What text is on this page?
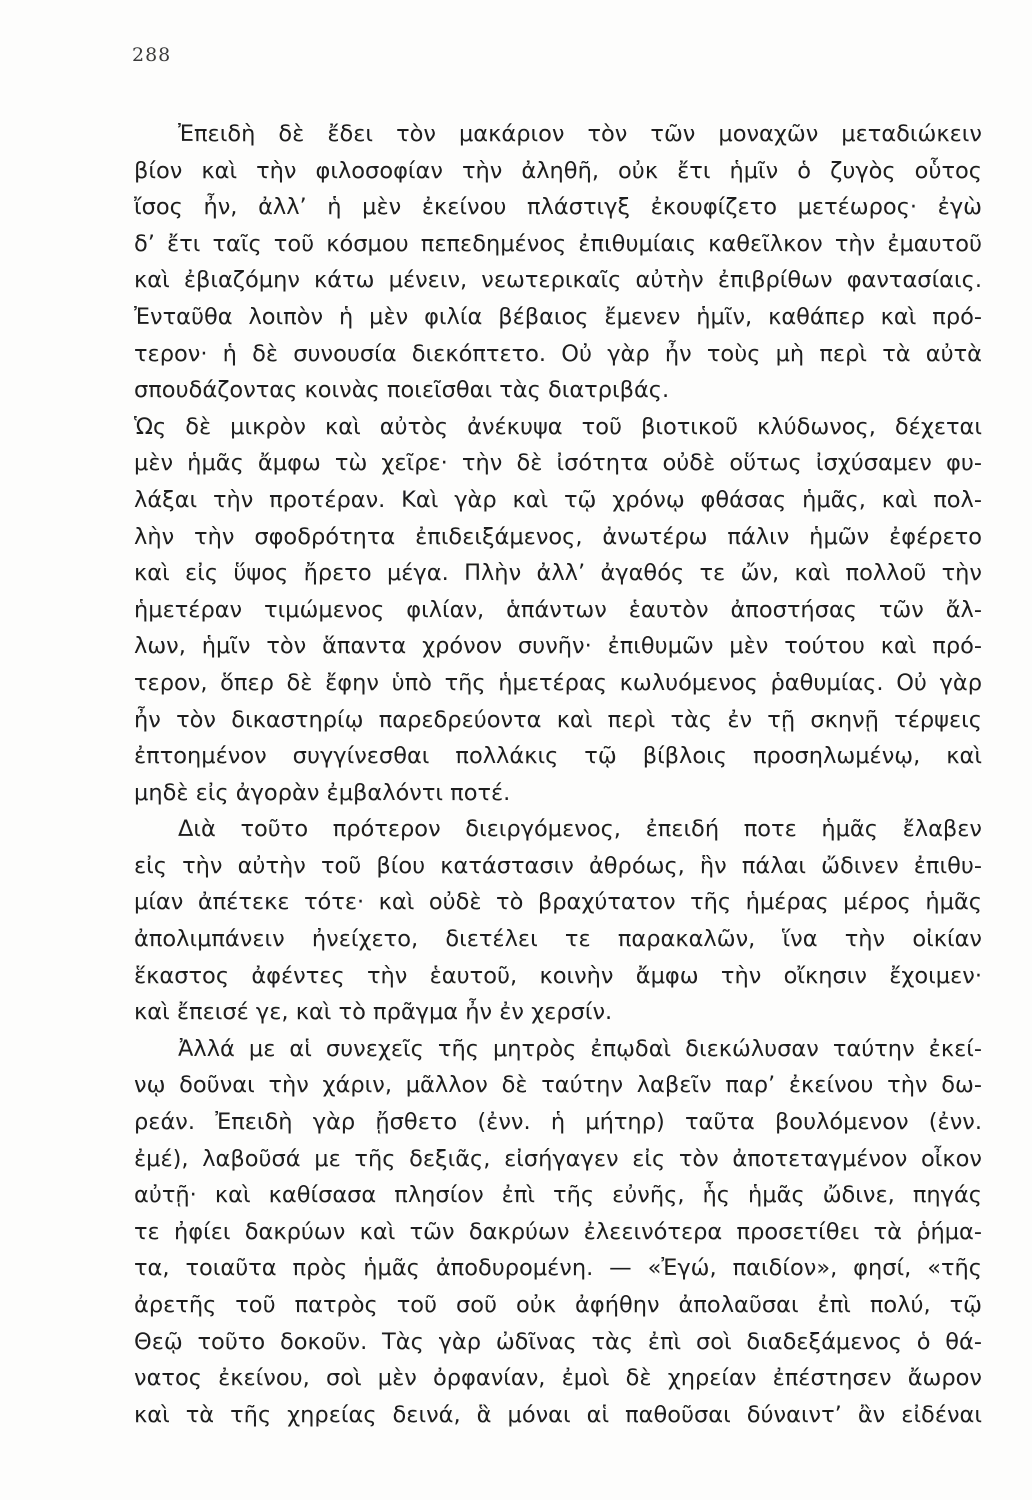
288
Ἐπειδὴ δὲ ἔδει τὸν μακάριον τὸν τῶν μοναχῶν μεταδιώκειν
βίον καὶ τὴν φιλοσοφίαν τὴν ἀληθῆ, οὐκ ἔτι ἡμῖν ὁ ζυγὸς οὗτος
ἴσος ἦν, ἀλλ’ ἡ μὲν ἐκείνου πλάστιγξ ἐκουφίζετο μετέωρος· ἐγὼ
δ’ ἔτι ταῖς τοῦ κόσμου πεπεδημένος ἐπιθυμίαις καθεῖλκον τὴν ἐμαυτοῦ
καὶ ἐβιαζόμην κάτω μένειν, νεωτερικαῖς αὐτὴν ἐπιβρίθων φαντασίαις.
Ἐνταῦθα λοιπὸν ἡ μὲν φιλία βέβαιος ἔμενεν ἡμῖν, καθάπερ καὶ πρό-
τερον· ἡ δὲ συνουσία διεκόπτετο. Οὐ γὰρ ἦν τοὺς μὴ περὶ τὰ αὐτὰ
σπουδάζοντας κοινὰς ποιεῖσθαι τὰς διατριβάς.
Ὡς δὲ μικρὸν καὶ αὐτὸς ἀνέκυψα τοῦ βιοτικοῦ κλύδωνος, δέχεται
μὲν ἡμᾶς ἄμφω τὼ χεῖρε· τὴν δὲ ἰσότητα οὐδὲ οὕτως ἰσχύσαμεν φυ-
λάξαι τὴν προτέραν. Καὶ γὰρ καὶ τῷ χρόνῳ φθάσας ἡμᾶς, καὶ πολ-
λὴν τὴν σφοδρότητα ἐπιδειξάμενος, ἀνωτέρω πάλιν ἡμῶν ἐφέρετο
καὶ εἰς ὕψος ἤρετο μέγα. Πλὴν ἀλλ’ ἀγαθός τε ὤν, καὶ πολλοῦ τὴν
ἡμετέραν τιμώμενος φιλίαν, ἁπάντων ἑαυτὸν ἀποστήσας τῶν ἄλ-
λων, ἡμῖν τὸν ἅπαντα χρόνον συνῆν· ἐπιθυμῶν μὲν τούτου καὶ πρό-
τερον, ὅπερ δὲ ἔφην ὑπὸ τῆς ἡμετέρας κωλυόμενος ῥαθυμίας. Οὐ γὰρ
ἦν τὸν δικαστηρίῳ παρεδρεύοντα καὶ περὶ τὰς ἐν τῇ σκηνῇ τέρψεις
ἐπτοημένον συγγίνεσθαι πολλάκις τῷ βίβλοις προσηλωμένῳ, καὶ
μηδὲ εἰς ἀγορὰν ἐμβαλόντι ποτέ.
Διὰ τοῦτο πρότερον διειργόμενος, ἐπειδή ποτε ἡμᾶς ἔλαβεν
εἰς τὴν αὐτὴν τοῦ βίου κατάστασιν ἀθρόως, ἣν πάλαι ὤδινεν ἐπιθυ-
μίαν ἀπέτεκε τότε· καὶ οὐδὲ τὸ βραχύτατον τῆς ἡμέρας μέρος ἡμᾶς
ἀπολιμπάνειν ἠνείχετο, διετέλει τε παρακαλῶν, ἵνα τὴν οἰκίαν
ἕκαστος ἀφέντες τὴν ἑαυτοῦ, κοινὴν ἄμφω τὴν οἴκησιν ἔχοιμεν·
καὶ ἔπεισέ γε, καὶ τὸ πρᾶγμα ἦν ἐν χερσίν.
Ἀλλά με αἱ συνεχεῖς τῆς μητρὸς ἐπῳδαὶ διεκώλυσαν ταύτην ἐκεί-
νῳ δοῦναι τὴν χάριν, μᾶλλον δὲ ταύτην λαβεῖν παρ’ ἐκείνου τὴν δω-
ρεάν. Ἐπειδὴ γὰρ ᾔσθετο (ἐνν. ἡ μήτηρ) ταῦτα βουλόμενον (ἐνν.
ἐμέ), λαβοῦσά με τῆς δεξιᾶς, εἰσήγαγεν εἰς τὸν ἀποτεταγμένον οἶκον
αὐτῇ· καὶ καθίσασα πλησίον ἐπὶ τῆς εὐνῆς, ἧς ἡμᾶς ὤδινε, πηγάς
τε ἠφίει δακρύων καὶ τῶν δακρύων ἐλεεινότερα προσετίθει τὰ ῥήμα-
τα, τοιαῦτα πρὸς ἡμᾶς ἀποδυρομένη. — «Ἐγώ, παιδίον», φησί, «τῆς
ἀρετῆς τοῦ πατρὸς τοῦ σοῦ οὐκ ἀφήθην ἀπολαῦσαι ἐπὶ πολύ, τῷ
Θεῷ τοῦτο δοκοῦν. Τὰς γὰρ ὠδῖνας τὰς ἐπὶ σοὶ διαδεξάμενος ὁ θά-
νατος ἐκείνου, σοὶ μὲν ὀρφανίαν, ἐμοὶ δὲ χηρείαν ἐπέστησεν ἄωρον
καὶ τὰ τῆς χηρείας δεινά, ἃ μόναι αἱ παθοῦσαι δύναιντ’ ἂν εἰδέναι
